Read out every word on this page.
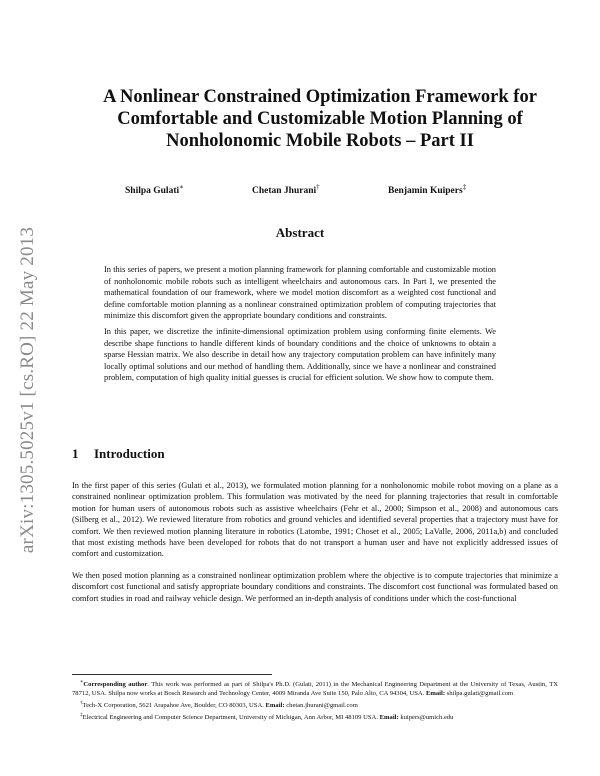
arXiv:1305.5025v1 [cs.RO] 22 May 2013
A Nonlinear Constrained Optimization Framework for Comfortable and Customizable Motion Planning of Nonholonomic Mobile Robots – Part II
Shilpa Gulati∗	Chetan Jhurani†	Benjamin Kuipers‡
Abstract

In this series of papers, we present a motion planning framework for planning comfortable and customizable motion of nonholonomic mobile robots such as intelligent wheelchairs and autonomous cars. In Part I, we presented the mathematical foundation of our framework, where we model motion discomfort as a weighted cost functional and define comfortable motion planning as a nonlinear constrained optimization problem of computing trajectories that minimize this discomfort given the appropriate boundary conditions and constraints.

In this paper, we discretize the infinite-dimensional optimization problem using conforming finite elements. We describe shape functions to handle different kinds of boundary conditions and the choice of unknowns to obtain a sparse Hessian matrix. We also describe in detail how any trajectory computation problem can have infinitely many locally optimal solutions and our method of handling them. Additionally, since we have a nonlinear and constrained problem, computation of high quality initial guesses is crucial for efficient solution. We show how to compute them.

1 Introduction

In the first paper of this series (Gulati et al., 2013), we formulated motion planning for a nonholonomic mobile robot moving on a plane as a constrained nonlinear optimization problem. This formulation was motivated by the need for planning trajectories that result in comfortable motion for human users of autonomous robots such as assistive wheelchairs (Fehr et al., 2000; Simpson et al., 2008) and autonomous cars (Silberg et al., 2012). We reviewed literature from robotics and ground vehicles and identified several properties that a trajectory must have for comfort. We then reviewed motion planning literature in robotics (Latombe, 1991; Choset et al., 2005; LaValle, 2006, 2011a,b) and concluded that most existing methods have been developed for robots that do not transport a human user and have not explicitly addressed issues of comfort and customization.

We then posed motion planning as a constrained nonlinear optimization problem where the objective is to compute trajectories that minimize a discomfort cost functional and satisfy appropriate boundary conditions and constraints. The discomfort cost functional was formulated based on comfort studies in road and railway vehicle design. We performed an in-depth analysis of conditions under which the cost-functional

∗Corresponding author. This work was performed as part of Shilpa's Ph.D. (Gulati, 2011) in the Mechanical Engineering Department at the University of Texas, Austin, TX 78712, USA. Shilpa now works at Bosch Research and Technology Center, 4009 Miranda Ave Suite 150, Palo Alto, CA 94304, USA. Email: shilpa.gulati@gmail.com

†Tech-X Corporation, 5621 Arapahoe Ave, Boulder, CO 80303, USA. Email: chetan.jhurani@gmail.com

‡Electrical Engineering and Computer Science Department, University of Michigan, Ann Arbor, MI 48109 USA. Email: kuipers@umich.edu
